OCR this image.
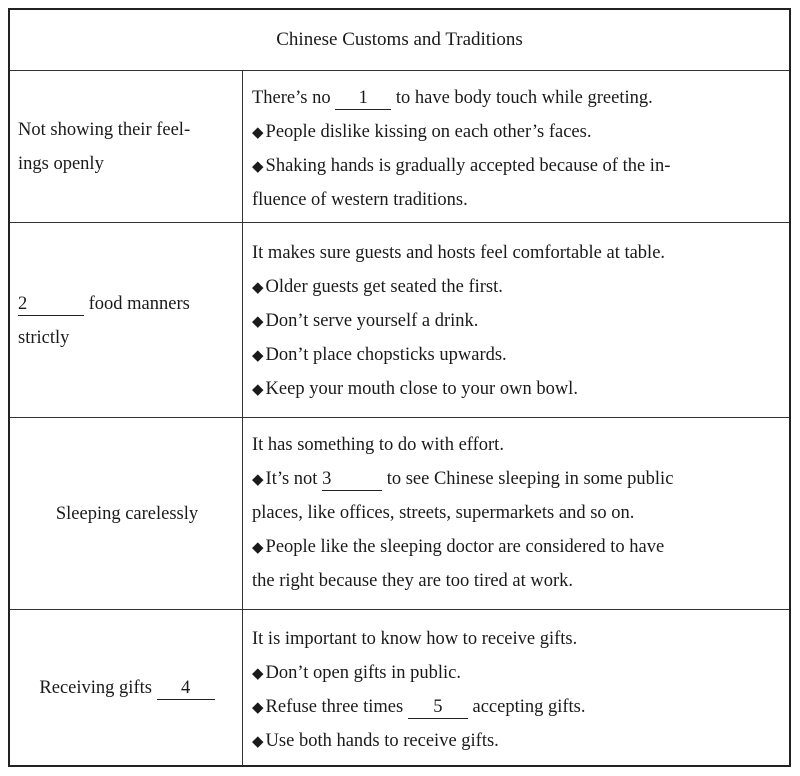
Chinese Customs and Traditions
Not showing their feel-
ings openly

There’s no 1 to have body touch while greeting.

◆ People dislike kissing on each other’s faces.

◆ Shaking hands is gradually accepted because of the in-

fluence of western traditions.

2	food manners
strictly

It makes sure guests and hosts feel comfortable at table.

◆ Older guests get seated the first.

◆ Don’t serve yourself a drink.

◆ Don’t place chopsticks upwards.

◆ Keep your mouth close to your own bowl.

Sleeping carelessly

It has something to do with effort.

◆ It’s not 3	to see Chinese sleeping in some public

places, like offices, streets, supermarkets and so on.

◆ People like the sleeping doctor are considered to have

the right because they are too tired at work.

Receiving gifts 4

It is important to know how to receive gifts.

◆ Don’t open gifts in public.

◆ Refuse three times 5 accepting gifts.

◆ Use both hands to receive gifts.
